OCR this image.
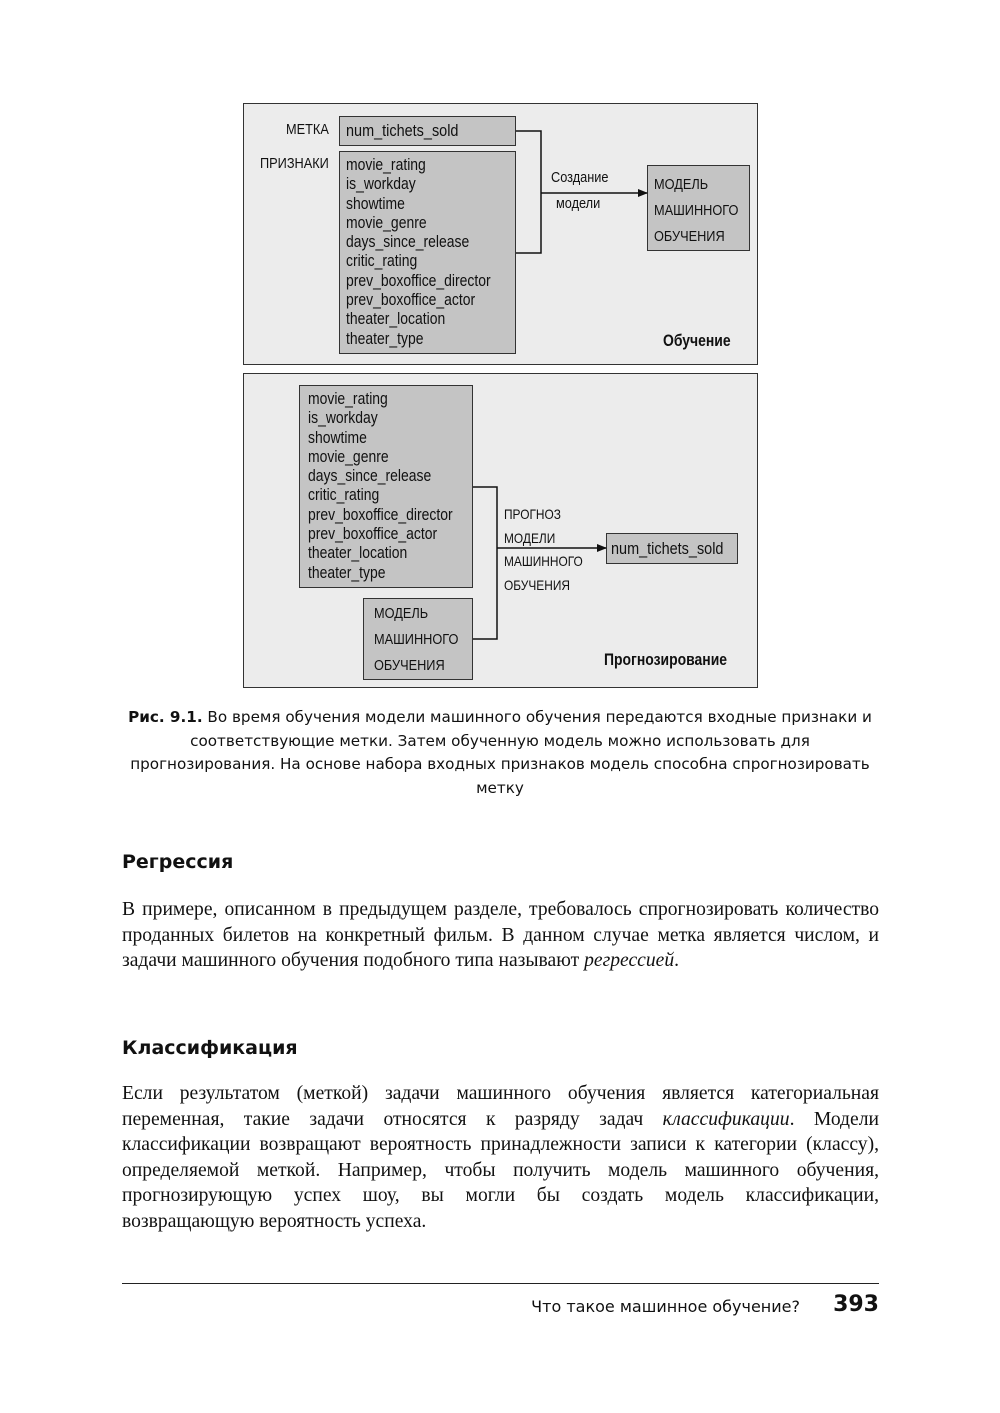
МЕТКА
ПРИЗНАКИ
num_tichets_sold
movie_rating
is_workday
showtime
movie_genre
days_since_release
critic_rating
prev_boxoffice_director
prev_boxoffice_actor
theater_location
theater_type
Создание
модели
МОДЕЛЬ
МАШИННОГО
ОБУЧЕНИЯ
Обучение
movie_rating
is_workday
showtime
movie_genre
days_since_release
critic_rating
prev_boxoffice_director
prev_boxoffice_actor
theater_location
theater_type
МОДЕЛЬ
МАШИННОГО
ОБУЧЕНИЯ
ПРОГНОЗ
МОДЕЛИ
МАШИННОГО
ОБУЧЕНИЯ
num_tichets_sold
Прогнозирование

Рис. 9.1. Во время обучения модели машинного обучения передаются входные признаки и соответствующие метки. Затем обученную модель можно использовать для прогнозирования. На основе набора входных признаков модель способна спрогнозировать метку

Регрессия

В примере, описанном в предыдущем разделе, требовалось спрогнозировать количество проданных билетов на конкретный фильм. В данном случае метка является числом, и задачи машинного обучения подобного типа называют регрессией.

Классификация

Если результатом (меткой) задачи машинного обучения является категориальная переменная, такие задачи относятся к разряду задач классификации. Модели классификации возвращают вероятность принадлежности записи к категории (классу), определяемой меткой. Например, чтобы получить модель машинного обучения, прогнозирующую успех шоу, вы могли бы создать модель классификации, возвращающую вероятность успеха.

Что такое машинное обучение? 393
